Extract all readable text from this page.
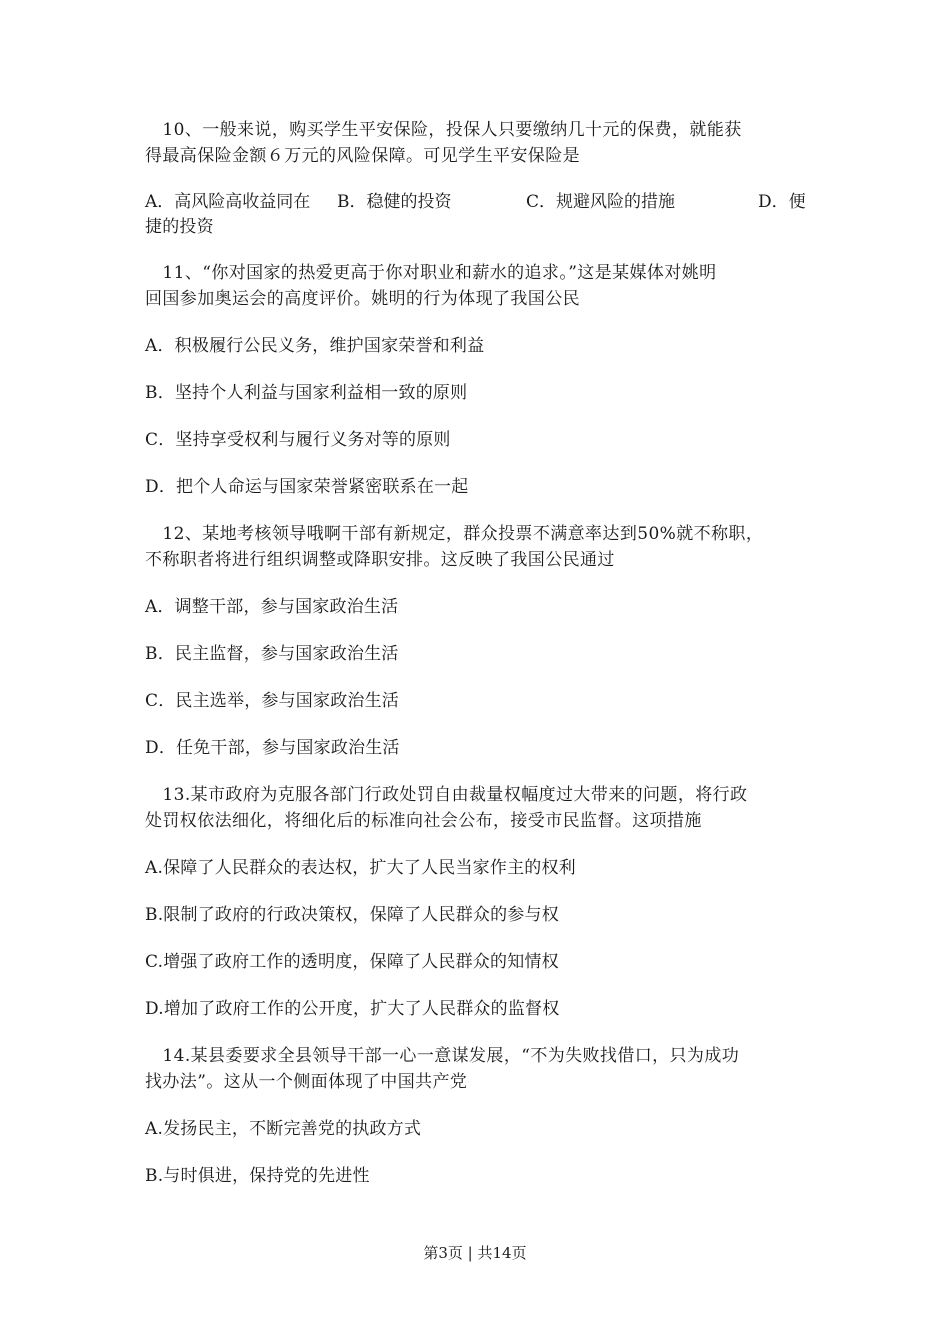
　10、一般来说，购买学生平安保险，投保人只要缴纳几十元的保费，就能获
得最高保险金额６万元的风险保障。可见学生平安保险是
A．高风险高收益同在 B．稳健的投资	C．规避风险的措施	D．便
捷的投资
　11、“你对国家的热爱更高于你对职业和薪水的追求。”这是某媒体对姚明
回国参加奥运会的高度评价。姚明的行为体现了我国公民
A．积极履行公民义务，维护国家荣誉和利益
B．坚持个人利益与国家利益相一致的原则
C．坚持享受权利与履行义务对等的原则
D．把个人命运与国家荣誉紧密联系在一起
　12、某地考核领导哦啊干部有新规定，群众投票不满意率达到50%就不称职，
不称职者将进行组织调整或降职安排。这反映了我国公民通过
A．调整干部，参与国家政治生活
B．民主监督，参与国家政治生活
C．民主选举，参与国家政治生活
D．任免干部，参与国家政治生活
　13.某市政府为克服各部门行政处罚自由裁量权幅度过大带来的问题，将行政
处罚权依法细化，将细化后的标准向社会公布，接受市民监督。这项措施
A.保障了人民群众的表达权，扩大了人民当家作主的权利
B.限制了政府的行政决策权，保障了人民群众的参与权
C.增强了政府工作的透明度，保障了人民群众的知情权
D.增加了政府工作的公开度，扩大了人民群众的监督权
　14.某县委要求全县领导干部一心一意谋发展，“不为失败找借口，只为成功
找办法”。这从一个侧面体现了中国共产党
A.发扬民主，不断完善党的执政方式
B.与时俱进，保持党的先进性
第3页 | 共14页
